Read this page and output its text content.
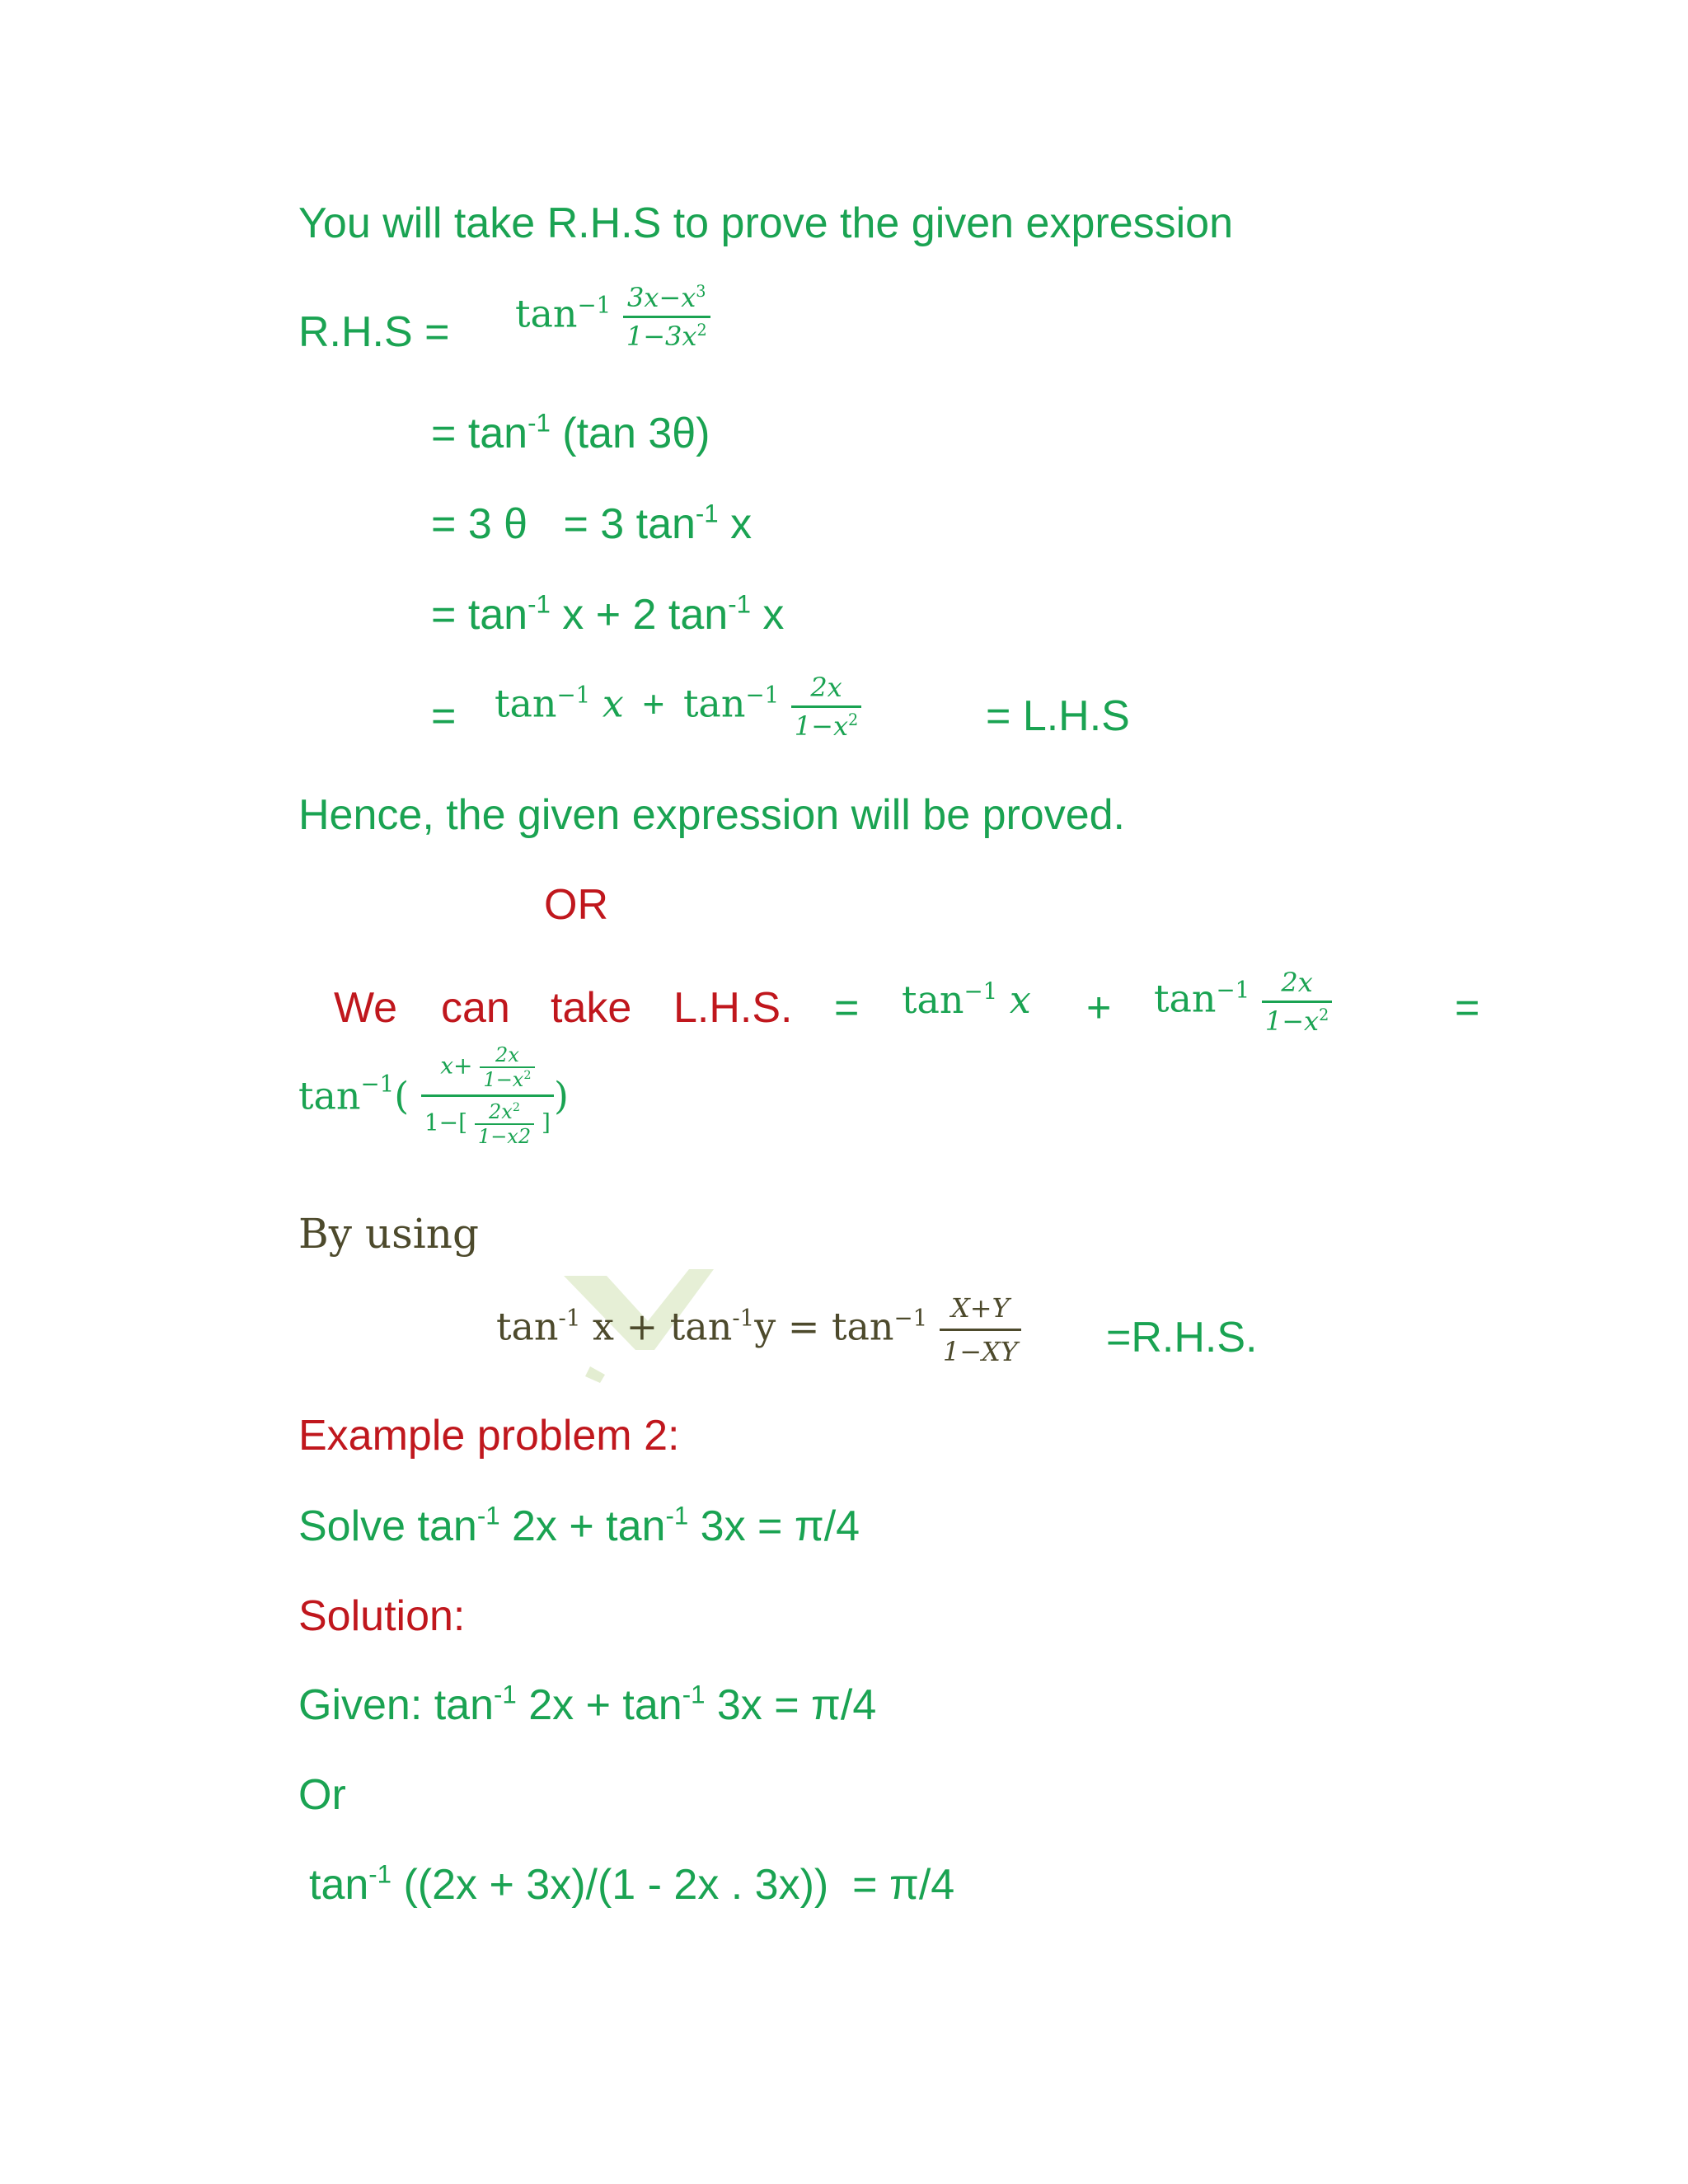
You will take R.H.S to prove the given expression
$R.H.S = \tan^{-1} \frac{3x-x^3}{1-3x^2}$
= $\tan^{-1} (\tan$ 3θ)
= 3 θ   = 3 $\tan^{-1} x$
= $\tan^{-1} x + 2$ $\tan^{-1} x$
= $\tan^{-1} x + \tan^{-1} \frac{2x}{1-x^2}$	= L.H.S
Hence, the given expression will be proved.
OR
We can take L.H.S. = $\tan^{-1} x + \tan^{-1} \frac{2x}{1-x^2}$	=
$\tan^{-1}( \frac{x+ \frac{2x}{1-x^2}}{1-[ \frac{2x^2}{1-x2} ]}$ )
By using
$\tan^{-1} x + \tan^{-1}y = \tan^{-1} \frac{X+Y}{1-XY} =R.H.S$.
Example problem 2:
Solve $\tan^{-1} 2x + \tan^{-1} 3x = \pi/4$
Solution:
Given: $\tan^{-1} 2x + \tan^{-1} 3x = \pi/4$
Or
$\tan^{-1} ((2x + 3x)/(1 - 2x$ . 3x))  = π/4
